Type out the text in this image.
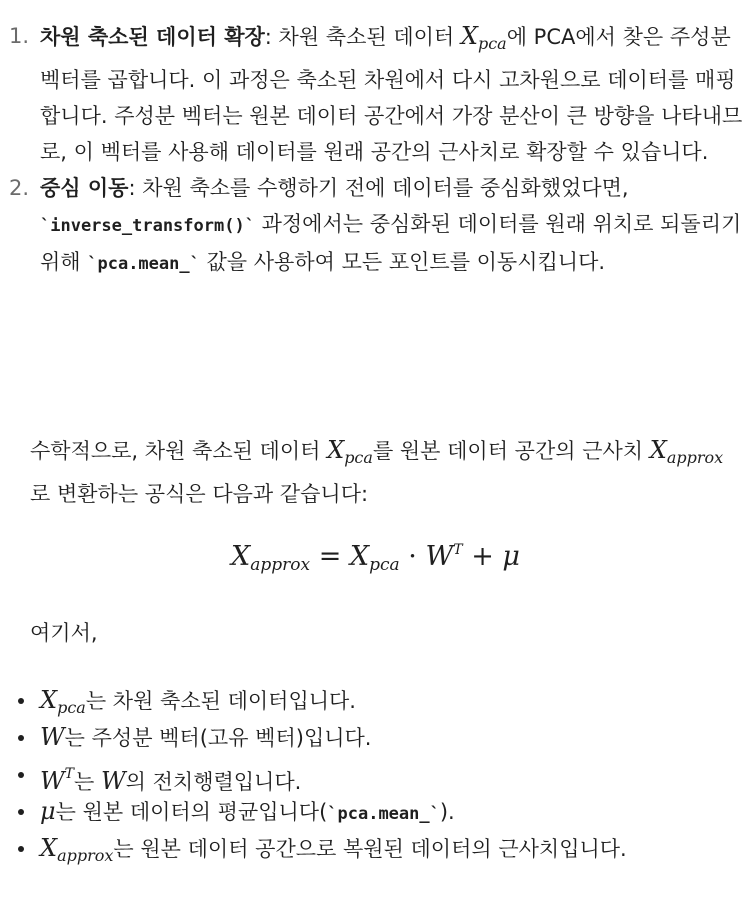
1. 차원 축소된 데이터 확장: 차원 축소된 데이터 $X_{pca}$에 PCA에서 찾은 주성분 벡터를 곱합니다. 이 과정은 축소된 차원에서 다시 고차원으로 데이터를 매핑합니다. 주성분 벡터는 원본 데이터 공간에서 가장 분산이 큰 방향을 나타내므로, 이 벡터를 사용해 데이터를 원래 공간의 근사치로 확장할 수 있습니다.
2. 중심 이동: 차원 축소를 수행하기 전에 데이터를 중심화했었다면, `inverse_transform()` 과정에서는 중심화된 데이터를 원래 위치로 되돌리기 위해 `pca.mean_` 값을 사용하여 모든 포인트를 이동시킵니다.
수학적으로, 차원 축소된 데이터 $X_{pca}$를 원본 데이터 공간의 근사치 $X_{approx}$로 변환하는 공식은 다음과 같습니다:
$X_{approx} = X_{pca} \cdot W^T + \mu$
여기서,
$X_{pca}$는 차원 축소된 데이터입니다.
W는 주성분 벡터(고유 벡터)입니다.
$W^T$는 W의 전치행렬입니다.
μ는 원본 데이터의 평균입니다(`pca.mean_`).
$X_{approx}$는 원본 데이터 공간으로 복원된 데이터의 근사치입니다.
